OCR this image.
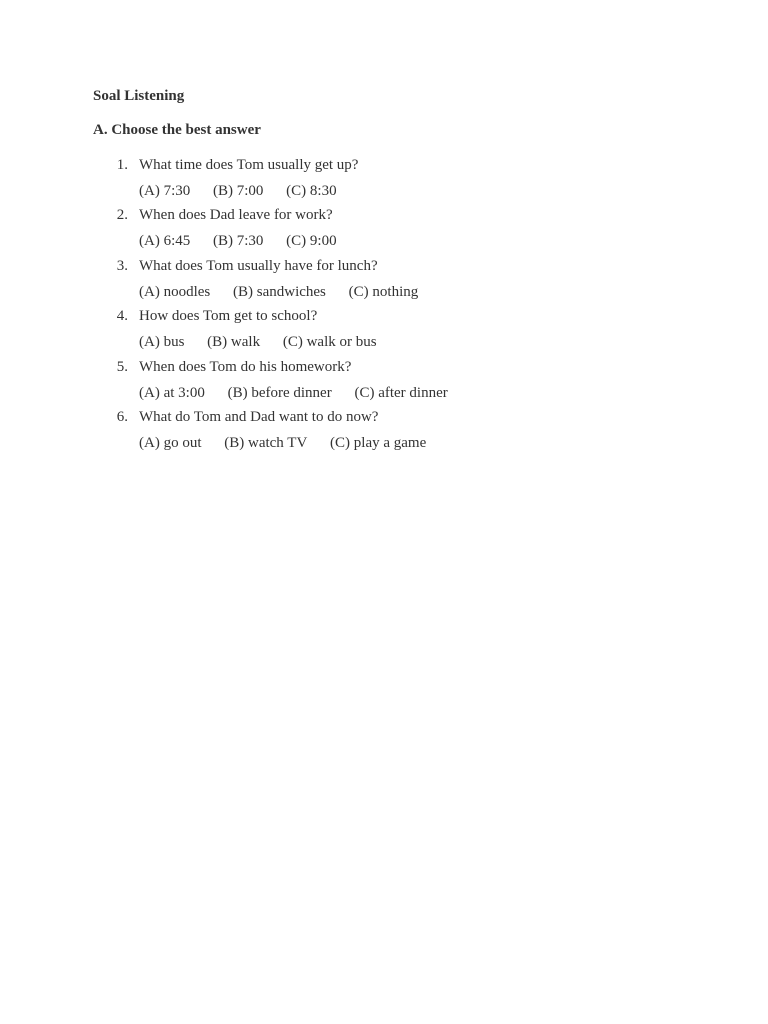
Soal Listening

A. Choose the best answer

1. What time does Tom usually get up?
(A) 7:30 (B) 7:00 (C) 8:30
2. When does Dad leave for work?
(A) 6:45 (B) 7:30 (C) 9:00
3. What does Tom usually have for lunch?
(A) noodles (B) sandwiches (C) nothing
4. How does Tom get to school?
(A) bus (B) walk (C) walk or bus
5. When does Tom do his homework?
(A) at 3:00 (B) before dinner (C) after dinner
6. What do Tom and Dad want to do now?
(A) go out (B) watch TV (C) play a game
